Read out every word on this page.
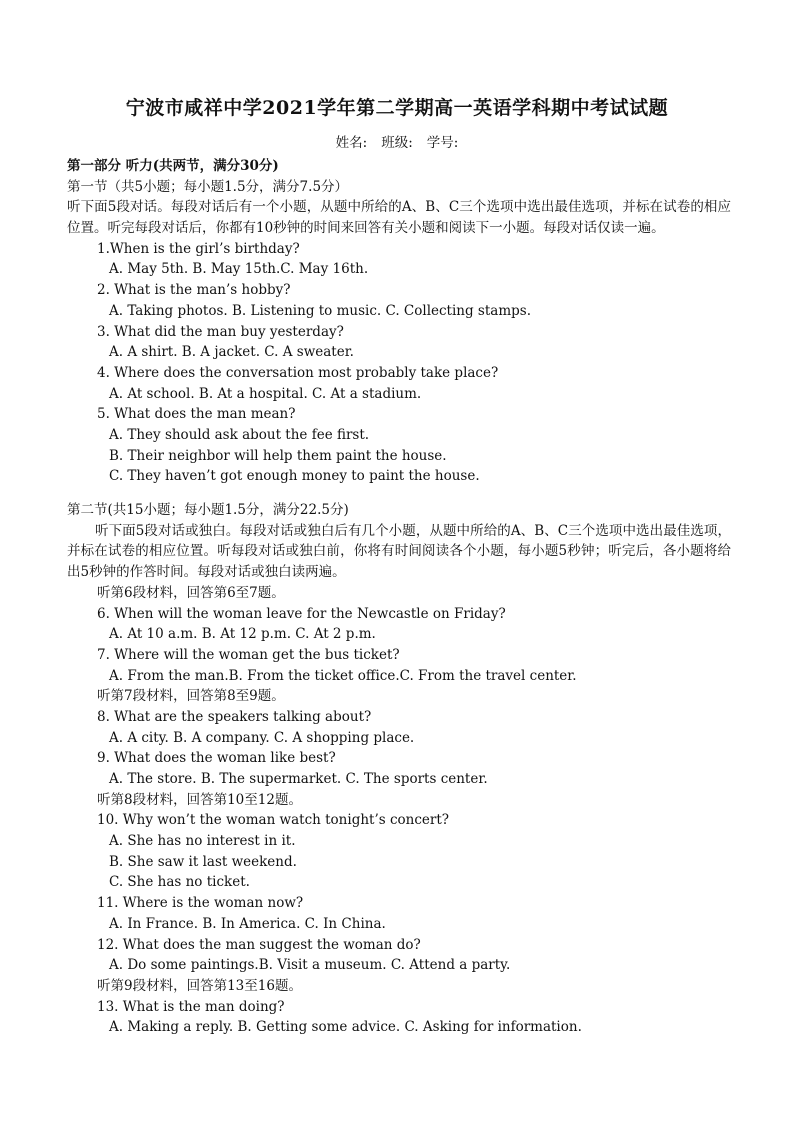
宁波市咸祥中学2021学年第二学期高一英语学科期中考试试题
姓名: 班级: 学号:
第一部分 听力(共两节，满分30分)
第一节（共5小题；每小题1.5分，满分7.5分）
听下面5段对话。每段对话后有一个小题，从题中所给的A、B、C三个选项中选出最佳选项，并标在试卷的相应位置。听完每段对话后，你都有10秒钟的时间来回答有关小题和阅读下一小题。每段对话仅读一遍。
1.When is the girl’s birthday?
A. May 5th. B. May 15th.C. May 16th.
2. What is the man’s hobby?
A. Taking photos. B. Listening to music. C. Collecting stamps.
3. What did the man buy yesterday?
A. A shirt. B. A jacket. C. A sweater.
4. Where does the conversation most probably take place?
A. At school. B. At a hospital. C. At a stadium.
5. What does the man mean?
A. They should ask about the fee first.
B. Their neighbor will help them paint the house.
C. They haven’t got enough money to paint the house.
第二节(共15小题；每小题1.5分，满分22.5分)
听下面5段对话或独白。每段对话或独白后有几个小题，从题中所给的A、B、C三个选项中选出最佳选项，并标在试卷的相应位置。听每段对话或独白前，你将有时间阅读各个小题，每小题5秒钟；听完后，各小题将给出5秒钟的作答时间。每段对话或独白读两遍。
听第6段材料，回答第6至7题。
6. When will the woman leave for the Newcastle on Friday?
A. At 10 a.m. B. At 12 p.m. C. At 2 p.m.
7. Where will the woman get the bus ticket?
A. From the man.B. From the ticket office.C. From the travel center.
听第7段材料，回答第8至9题。
8. What are the speakers talking about?
A. A city. B. A company. C. A shopping place.
9. What does the woman like best?
A. The store. B. The supermarket. C. The sports center.
听第8段材料，回答第10至12题。
10. Why won’t the woman watch tonight’s concert?
A. She has no interest in it.
B. She saw it last weekend.
C. She has no ticket.
11. Where is the woman now?
A. In France. B. In America. C. In China.
12. What does the man suggest the woman do?
A. Do some paintings.B. Visit a museum. C. Attend a party.
听第9段材料，回答第13至16题。
13. What is the man doing?
A. Making a reply. B. Getting some advice. C. Asking for information.
